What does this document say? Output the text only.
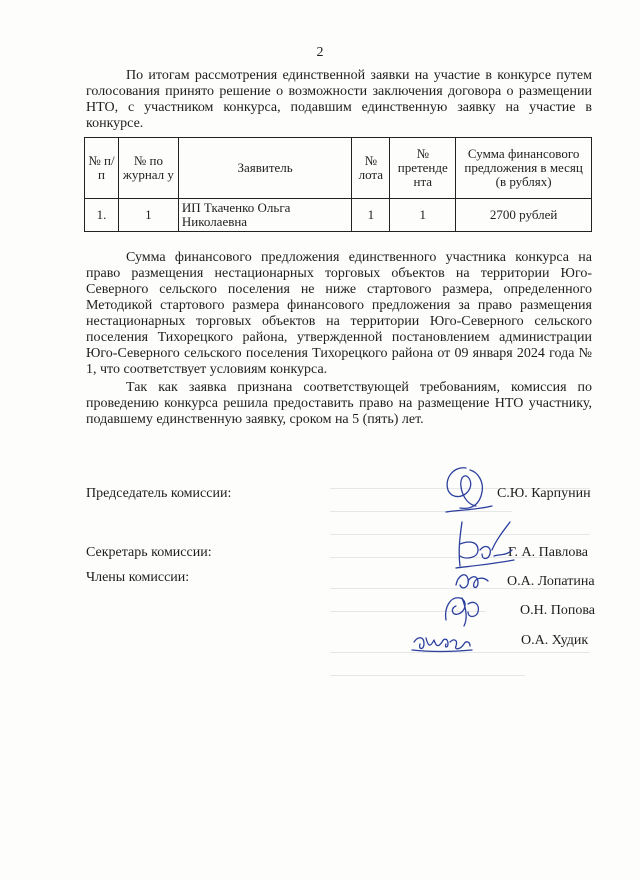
2
По итогам рассмотрения единственной заявки на участие в конкурсе путем голосования принято решение о возможности заключения договора о размещении НТО, с участником конкурса, подавшим единственную заявку на участие в конкурсе.
№ п/п	№ по журнал у	Заявитель	№ лота	№ претенде нта	Сумма финансового предложения в месяц (в рублях)
1.	1	ИП Ткаченко Ольга Николаевна	1	1	2700 рублей
Сумма финансового предложения единственного участника конкурса на право размещения нестационарных торговых объектов на территории Юго-Северного сельского поселения не ниже стартового размера, определенного Методикой стартового размера финансового предложения за право размещения нестационарных торговых объектов на территории Юго-Северного сельского поселения Тихорецкого района, утвержденной постановлением администрации Юго-Северного сельского поселения Тихорецкого района от 09 января 2024 года № 1, что соответствует условиям конкурса.
Так как заявка признана соответствующей требованиям, комиссия по проведению конкурса решила предоставить право на размещение НТО участнику, подавшему единственную заявку, сроком на 5 (пять) лет.
Председатель комиссии:	С.Ю. Карпунин
Секретарь комиссии:	Г. А. Павлова
Члены комиссии:	О.А. Лопатина
О.Н. Попова
О.А. Худик
